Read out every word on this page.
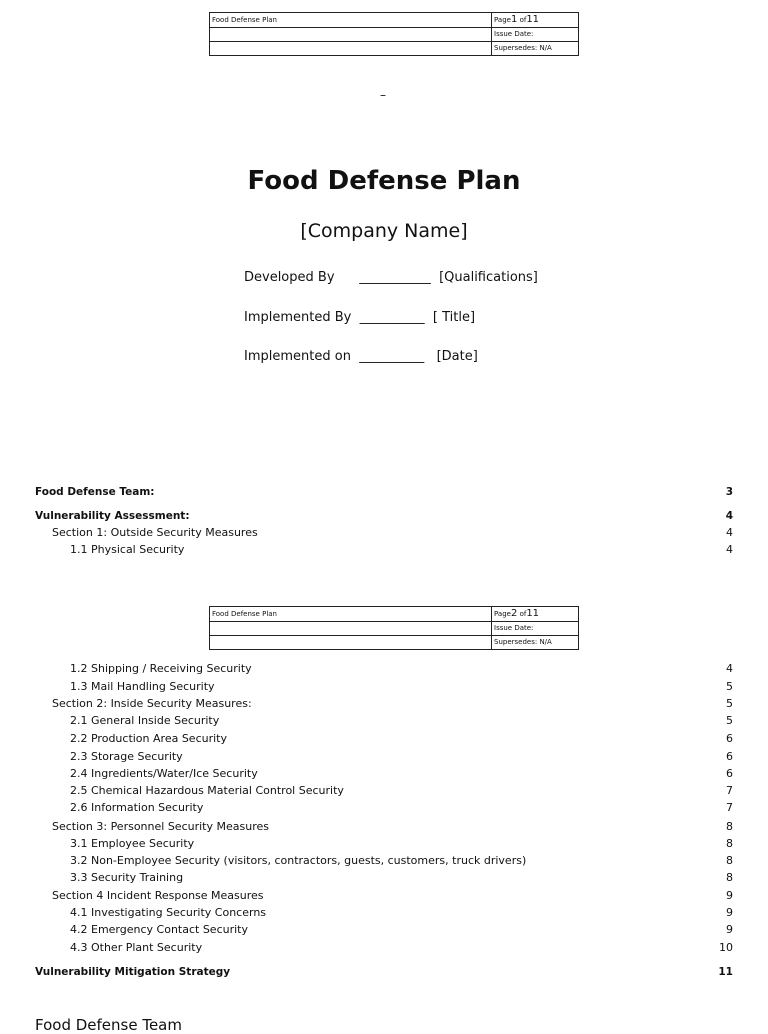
Food Defense Plan	Page1 of11
	Issue Date:
	Supersedes: N/A
–
Food Defense Plan
[Company Name]
Developed By      ___________  [Qualifications]
Implemented By  __________  [ Title]
Implemented on  __________   [Date]
Food Defense Team:	3
Vulnerability Assessment:	4
Section 1: Outside Security Measures	4
1.1 Physical Security	4
Food Defense Plan	Page2 of11
	Issue Date:
	Supersedes: N/A
1.2 Shipping / Receiving Security	4
1.3 Mail Handling Security	5
Section 2: Inside Security Measures:	5
2.1 General Inside Security	5
2.2 Production Area Security	6
2.3 Storage Security	6
2.4 Ingredients/Water/Ice Security	6
2.5 Chemical Hazardous Material Control Security	7
2.6 Information Security	7
Section 3: Personnel Security Measures	8
3.1 Employee Security	8
3.2 Non-Employee Security (visitors, contractors, guests, customers, truck drivers)	8
3.3 Security Training	8
Section 4 Incident Response Measures	9
4.1 Investigating Security Concerns	9
4.2 Emergency Contact Security	9
4.3 Other Plant Security	10
Vulnerability Mitigation Strategy	11
Food Defense Team
